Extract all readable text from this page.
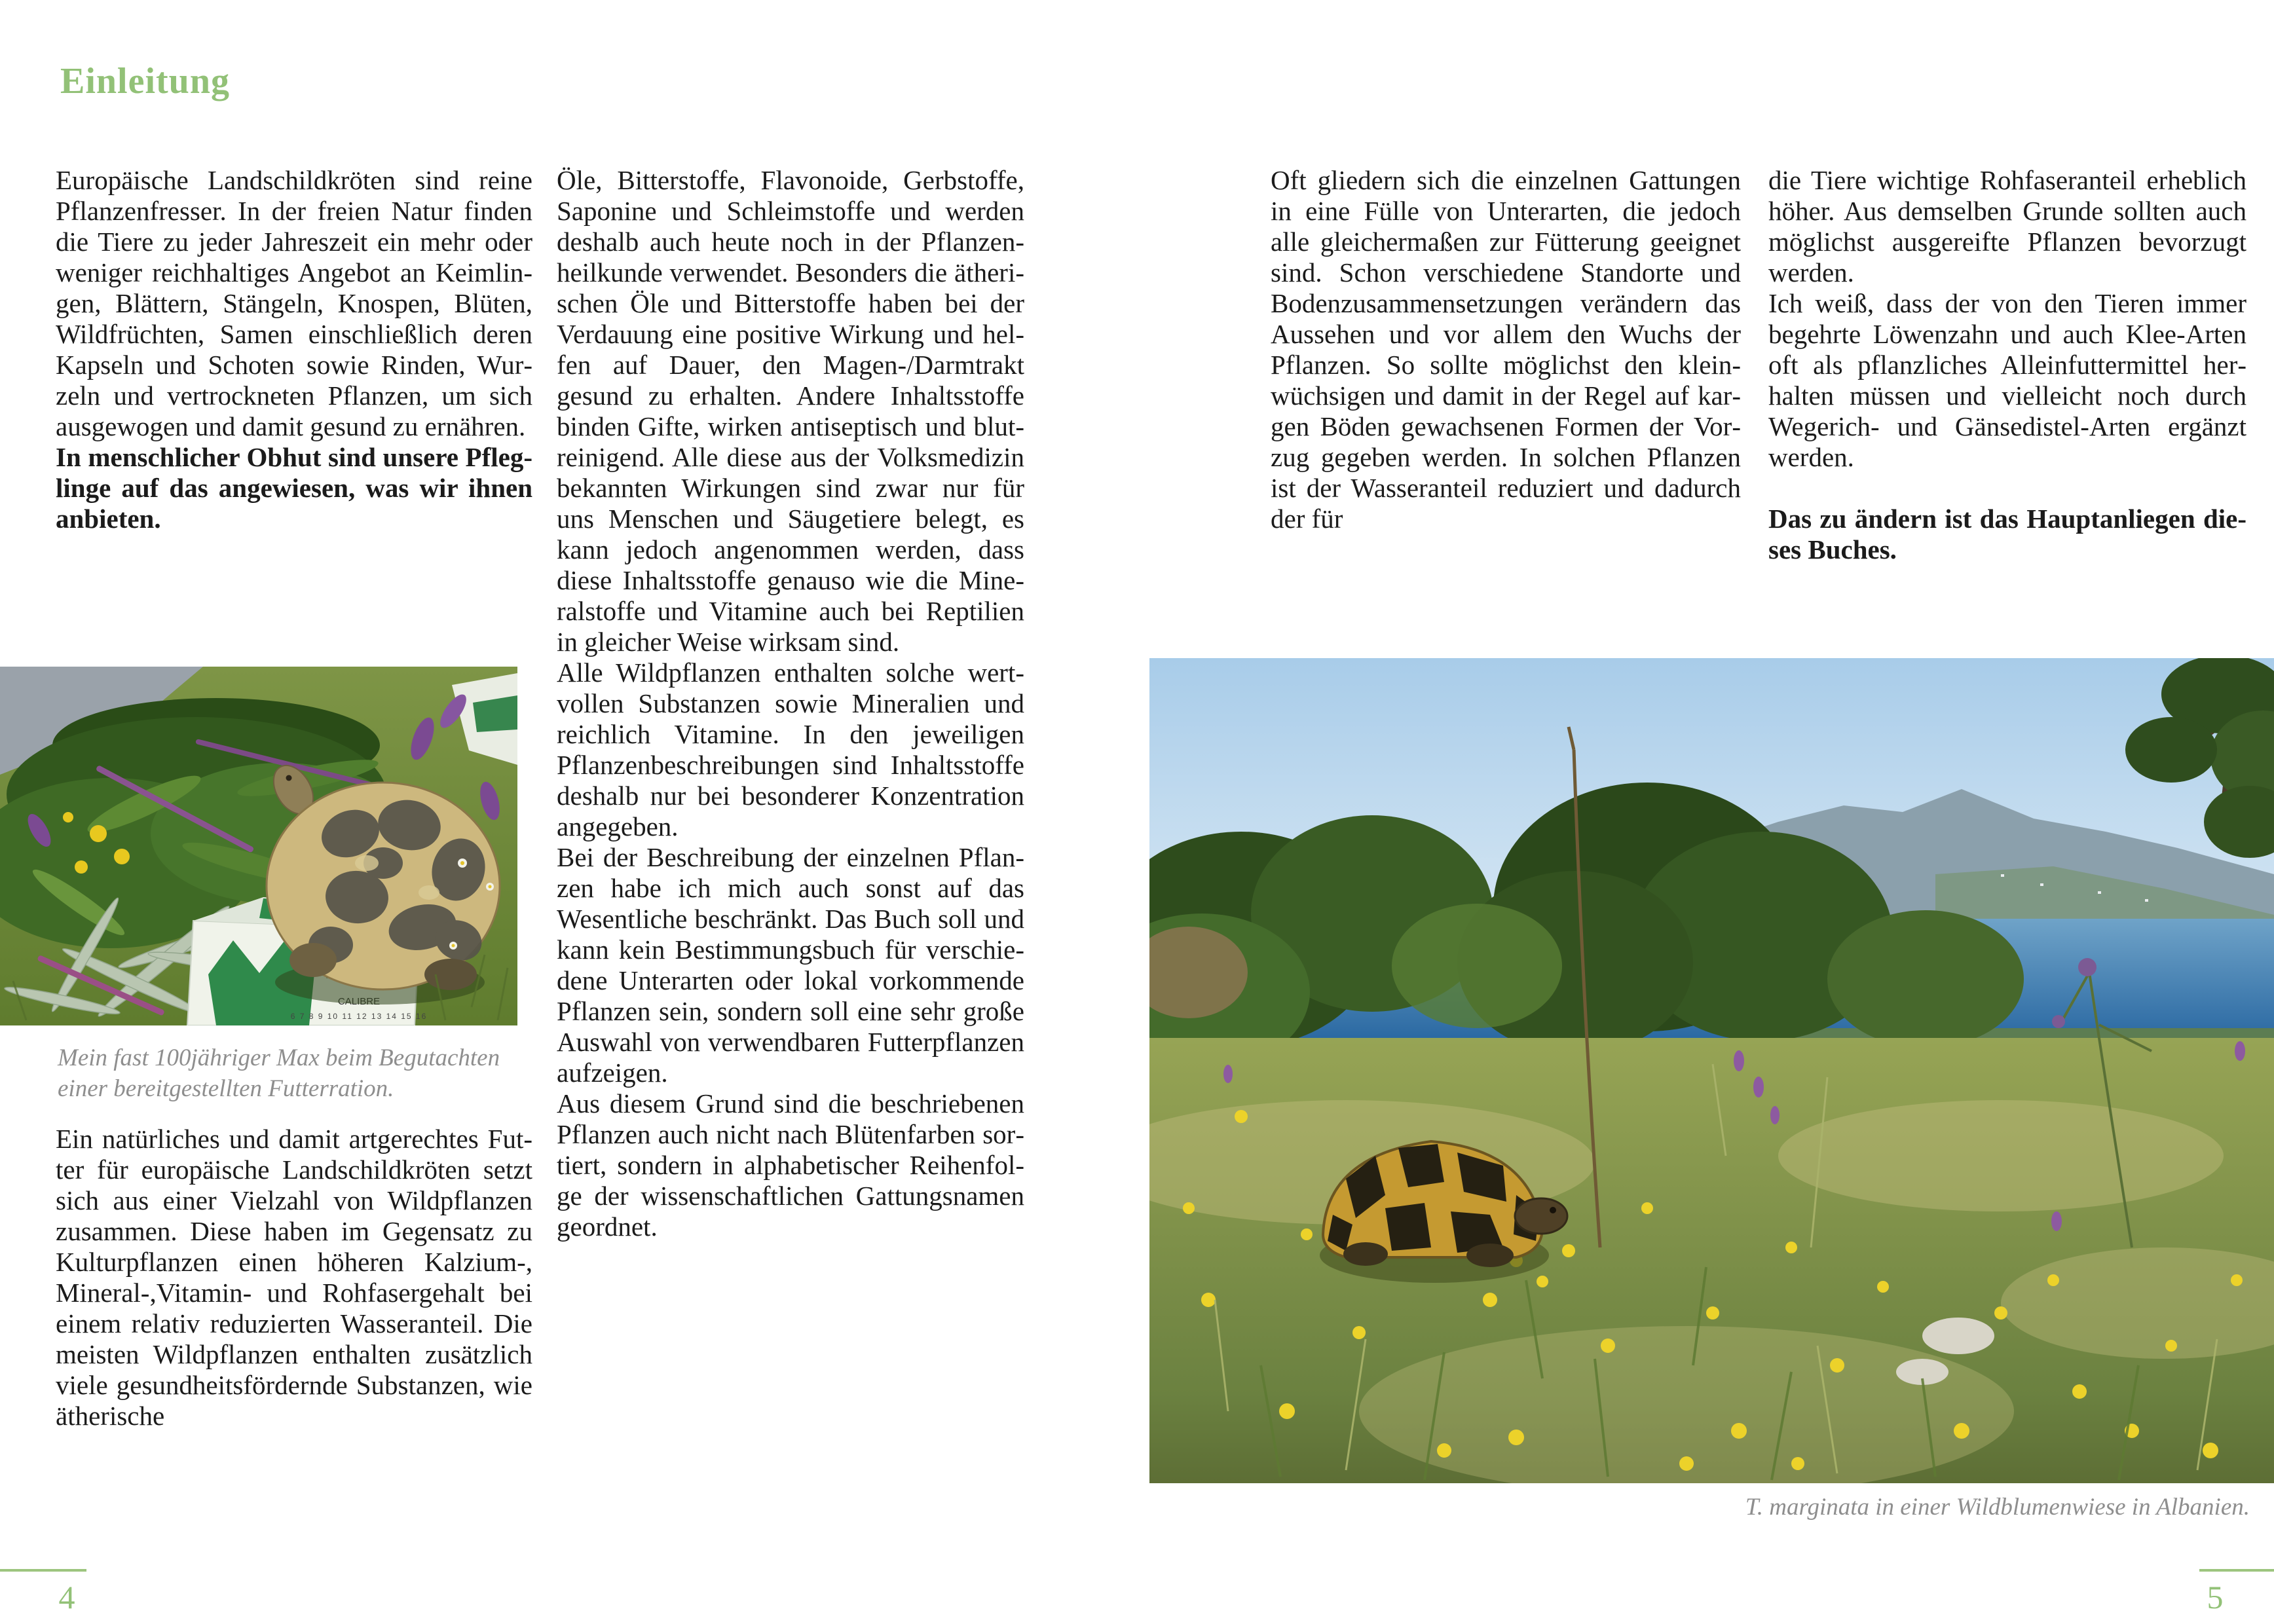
Einleitung

Europäische Landschildkröten sind reine Pflanzenfresser. In der freien Natur finden die Tiere zu jeder Jahreszeit ein mehr oder weniger reichhaltiges Angebot an Keimlingen, Blättern, Stängeln, Knospen, Blüten, Wildfrüchten, Samen einschließlich deren Kapseln und Schoten sowie Rinden, Wurzeln und vertrockneten Pflanzen, um sich ausgewogen und damit gesund zu ernähren.

In menschlicher Obhut sind unsere Pfleglinge auf das angewiesen, was wir ihnen anbieten.

6 7 8 9 10 11 12 13 14 15 16
Mein fast 100jähriger Max beim Begutachten einer bereitgestellten Futterration.

Ein natürliches und damit artgerechtes Futter für europäische Landschildkröten setzt sich aus einer Vielzahl von Wildpflanzen zusammen. Diese haben im Gegensatz zu Kulturpflanzen einen höheren Kalzium-, Mineral-,Vitamin- und Rohfasergehalt bei einem relativ reduzierten Wasseranteil. Die meisten Wildpflanzen enthalten zusätzlich viele gesundheitsfördernde Substanzen, wie ätherische

Öle, Bitterstoffe, Flavonoide, Gerbstoffe, Saponine und Schleimstoffe und werden deshalb auch heute noch in der Pflanzenheilkunde verwendet. Besonders die ätherischen Öle und Bitterstoffe haben bei der Verdauung eine positive Wirkung und helfen auf Dauer, den Magen-/Darmtrakt gesund zu erhalten. Andere Inhaltsstoffe binden Gifte, wirken antiseptisch und blutreinigend. Alle diese aus der Volksmedizin bekannten Wirkungen sind zwar nur für uns Menschen und Säugetiere belegt, es kann jedoch angenommen werden, dass diese Inhaltsstoffe genauso wie die Mineralstoffe und Vitamine auch bei Reptilien in gleicher Weise wirksam sind.

Alle Wildpflanzen enthalten solche wertvollen Substanzen sowie Mineralien und reichlich Vitamine. In den jeweiligen Pflanzenbeschreibungen sind Inhaltsstoffe deshalb nur bei besonderer Konzentration angegeben.

Bei der Beschreibung der einzelnen Pflanzen habe ich mich auch sonst auf das Wesentliche beschränkt. Das Buch soll und kann kein Bestimmungsbuch für verschiedene Unterarten oder lokal vorkommende Pflanzen sein, sondern soll eine sehr große Auswahl von verwendbaren Futterpflanzen aufzeigen.

Aus diesem Grund sind die beschriebenen Pflanzen auch nicht nach Blütenfarben sortiert, sondern in alphabetischer Reihenfolge der wissenschaftlichen Gattungsnamen geordnet.

4

Oft gliedern sich die einzelnen Gattungen in eine Fülle von Unterarten, die jedoch alle gleichermaßen zur Fütterung geeignet sind. Schon verschiedene Standorte und Bodenzusammensetzungen verändern das Aussehen und vor allem den Wuchs der Pflanzen. So sollte möglichst den kleinwüchsigen und damit in der Regel auf kargen Böden gewachsenen Formen der Vorzug gegeben werden. In solchen Pflanzen ist der Wasseranteil reduziert und dadurch der für

die Tiere wichtige Rohfaseranteil erheblich höher. Aus demselben Grunde sollten auch möglichst ausgereifte Pflanzen bevorzugt werden.

Ich weiß, dass der von den Tieren immer begehrte Löwenzahn und auch Klee-Arten oft als pflanzliches Alleinfuttermittel herhalten müssen und vielleicht noch durch Wegerich- und Gänsedistel-Arten ergänzt werden.

Das zu ändern ist das Hauptanliegen dieses Buches.

T. marginata in einer Wildblumenwiese in Albanien.
5
